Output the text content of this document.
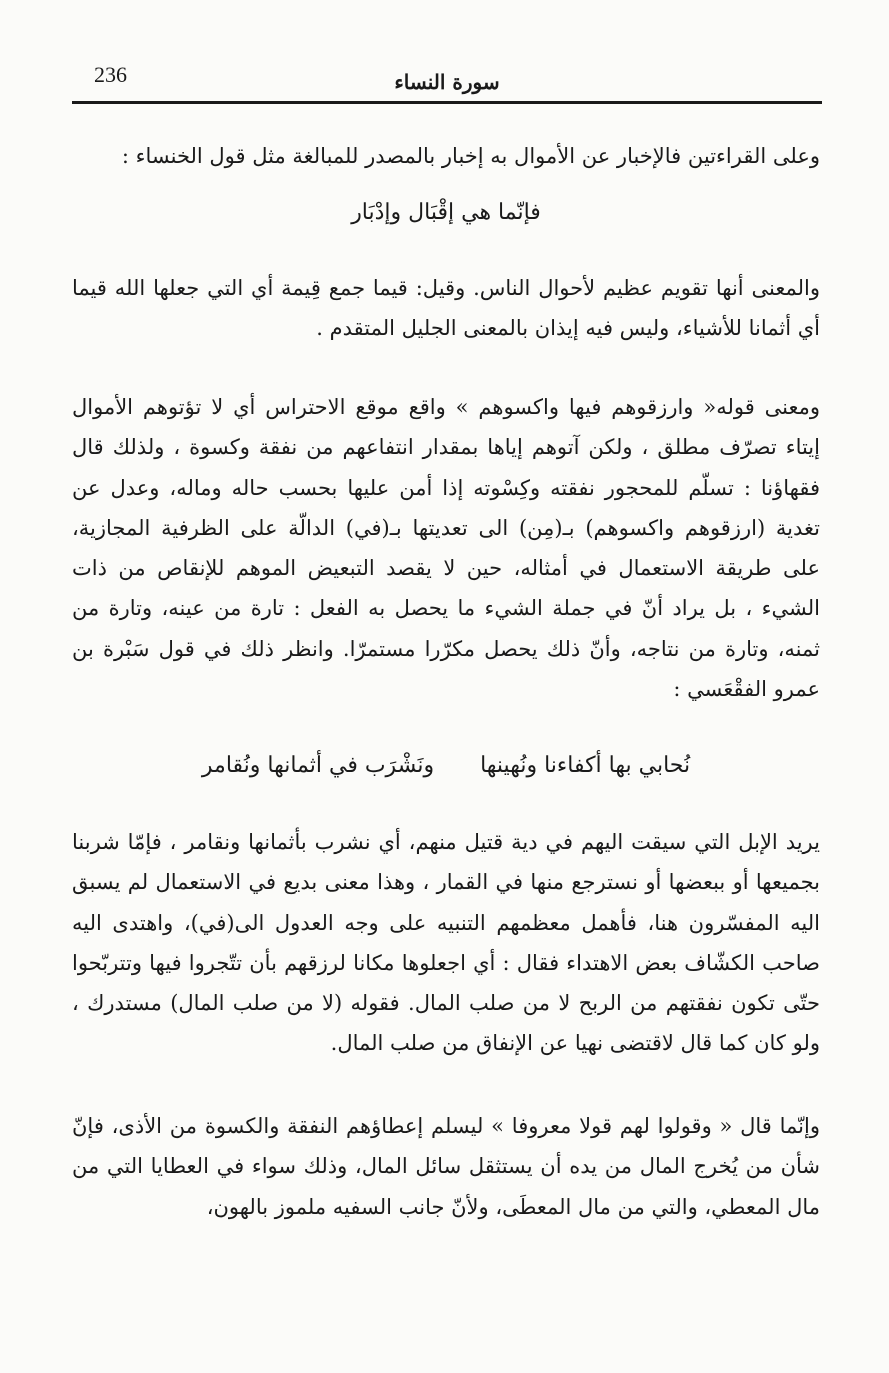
236	سورة النساء
وعلى القراءتين فالإخبار عن الأموال به إخبار بالمصدر للمبالغة مثل قول الخنساء :
فإنّما هي إقْبَال وإدْبَار
والمعنى أنها تقويم عظيم لأحوال الناس. وقيل: قيما جمع قِيمة أي التي جعلها الله قيما أي أثمانا للأشياء، وليس فيه إيذان بالمعنى الجليل المتقدم .
ومعنى قوله« وارزقوهم فيها واكسوهم » واقع موقع الاحتراس أي لا تؤتوهم الأموال إيتاء تصرّف مطلق ، ولكن آتوهم إياها بمقدار انتفاعهم من نفقة وكسوة ، ولذلك قال فقهاؤنا : تسلّم للمحجور نفقته وكِسْوته إذا أمن عليها بحسب حاله وماله، وعدل عن تغدية (ارزقوهم واكسوهم) بـ(مِن) الى تعديتها بـ(في) الدالّة على الظرفية المجازية، على طريقة الاستعمال في أمثاله، حين لا يقصد التبعيض الموهم للإنقاص من ذات الشيء ، بل يراد أنّ في جملة الشيء ما يحصل به الفعل : تارة من عينه، وتارة من ثمنه، وتارة من نتاجه، وأنّ ذلك يحصل مكرّرا مستمرّا. وانظر ذلك في قول سَبْرة بن عمرو الفقْعَسي :
نُحابي بها أكفاءنا ونُهينهاونَشْرَب في أثمانها ونُقامر
يريد الإبل التي سيقت اليهم في دية قتيل منهم، أي نشرب بأثمانها ونقامر ، فإمّا شربنا بجميعها أو ببعضها أو نسترجع منها في القمار ، وهذا معنى بديع في الاستعمال لم يسبق اليه المفسّرون هنا، فأهمل معظمهم التنبيه على وجه العدول الى(في)، واهتدى اليه صاحب الكشّاف بعض الاهتداء فقال : أي اجعلوها مكانا لرزقهم بأن تتّجروا فيها وتتربّحوا حتّى تكون نفقتهم من الربح لا من صلب المال. فقوله (لا من صلب المال) مستدرك ، ولو كان كما قال لاقتضى نهيا عن الإنفاق من صلب المال.
وإنّما قال « وقولوا لهم قولا معروفا » ليسلم إعطاؤهم النفقة والكسوة من الأذى، فإنّ شأن من يُخرج المال من يده أن يستثقل سائل المال، وذلك سواء في العطايا التي من مال المعطي، والتي من مال المعطَى، ولأنّ جانب السفيه ملموز بالهون،
